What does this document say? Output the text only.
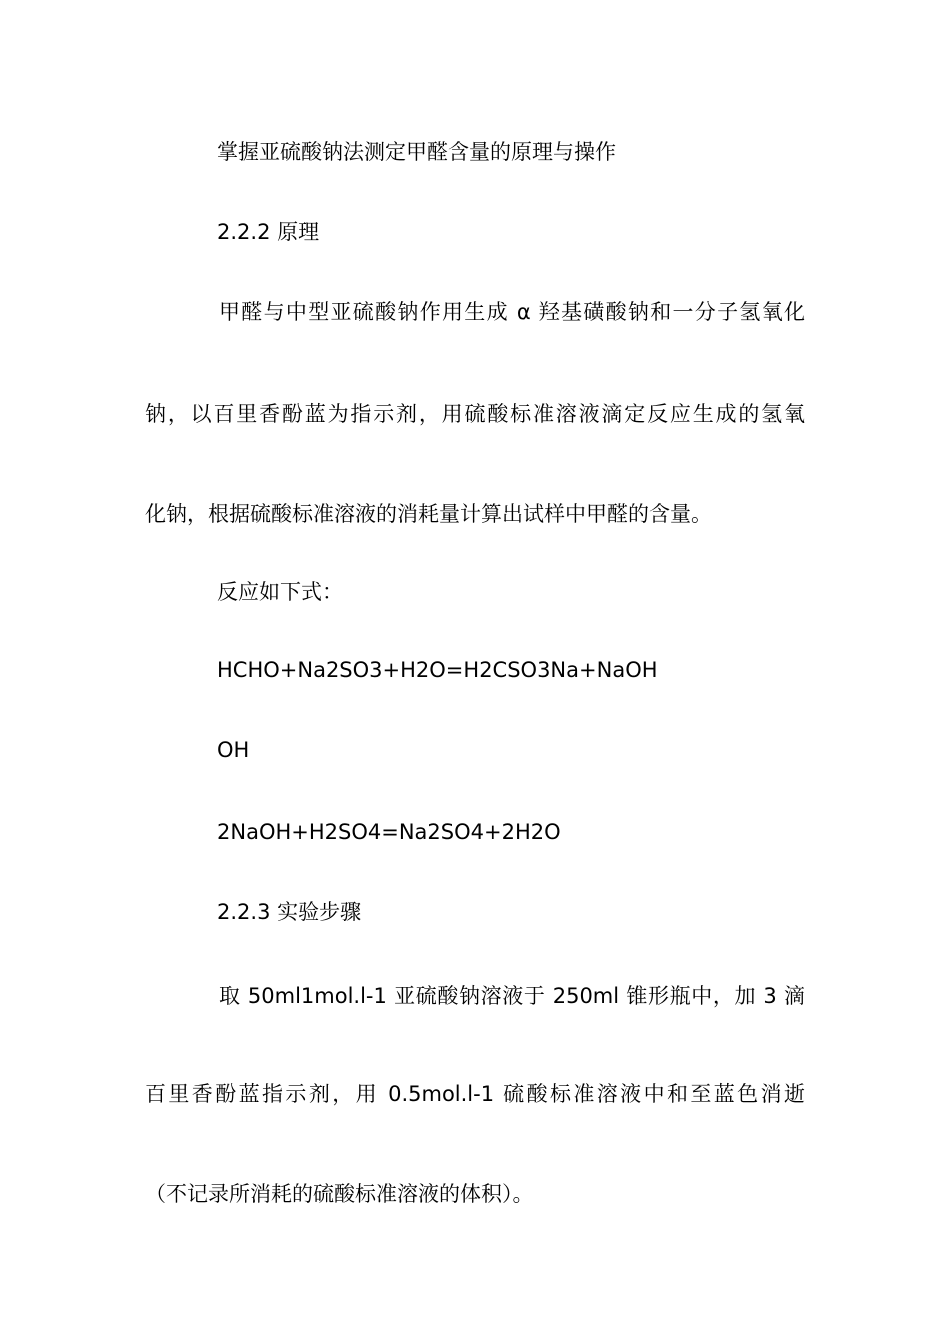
掌握亚硫酸钠法测定甲醛含量的原理与操作
2.2.2 原理
甲醛与中型亚硫酸钠作用生成 α 羟基磺酸钠和一分子氢氧化
钠，以百里香酚蓝为指示剂，用硫酸标准溶液滴定反应生成的氢氧
化钠，根据硫酸标准溶液的消耗量计算出试样中甲醛的含量。
反应如下式：
HCHO+Na2SO3+H2O=H2CSO3Na+NaOH
OH
2NaOH+H2SO4=Na2SO4+2H2O
2.2.3 实验步骤
取 50ml1mol.l-1 亚硫酸钠溶液于 250ml 锥形瓶中，加 3 滴
百里香酚蓝指示剂，用 0.5mol.l-1 硫酸标准溶液中和至蓝色消逝
（不记录所消耗的硫酸标准溶液的体积）。
